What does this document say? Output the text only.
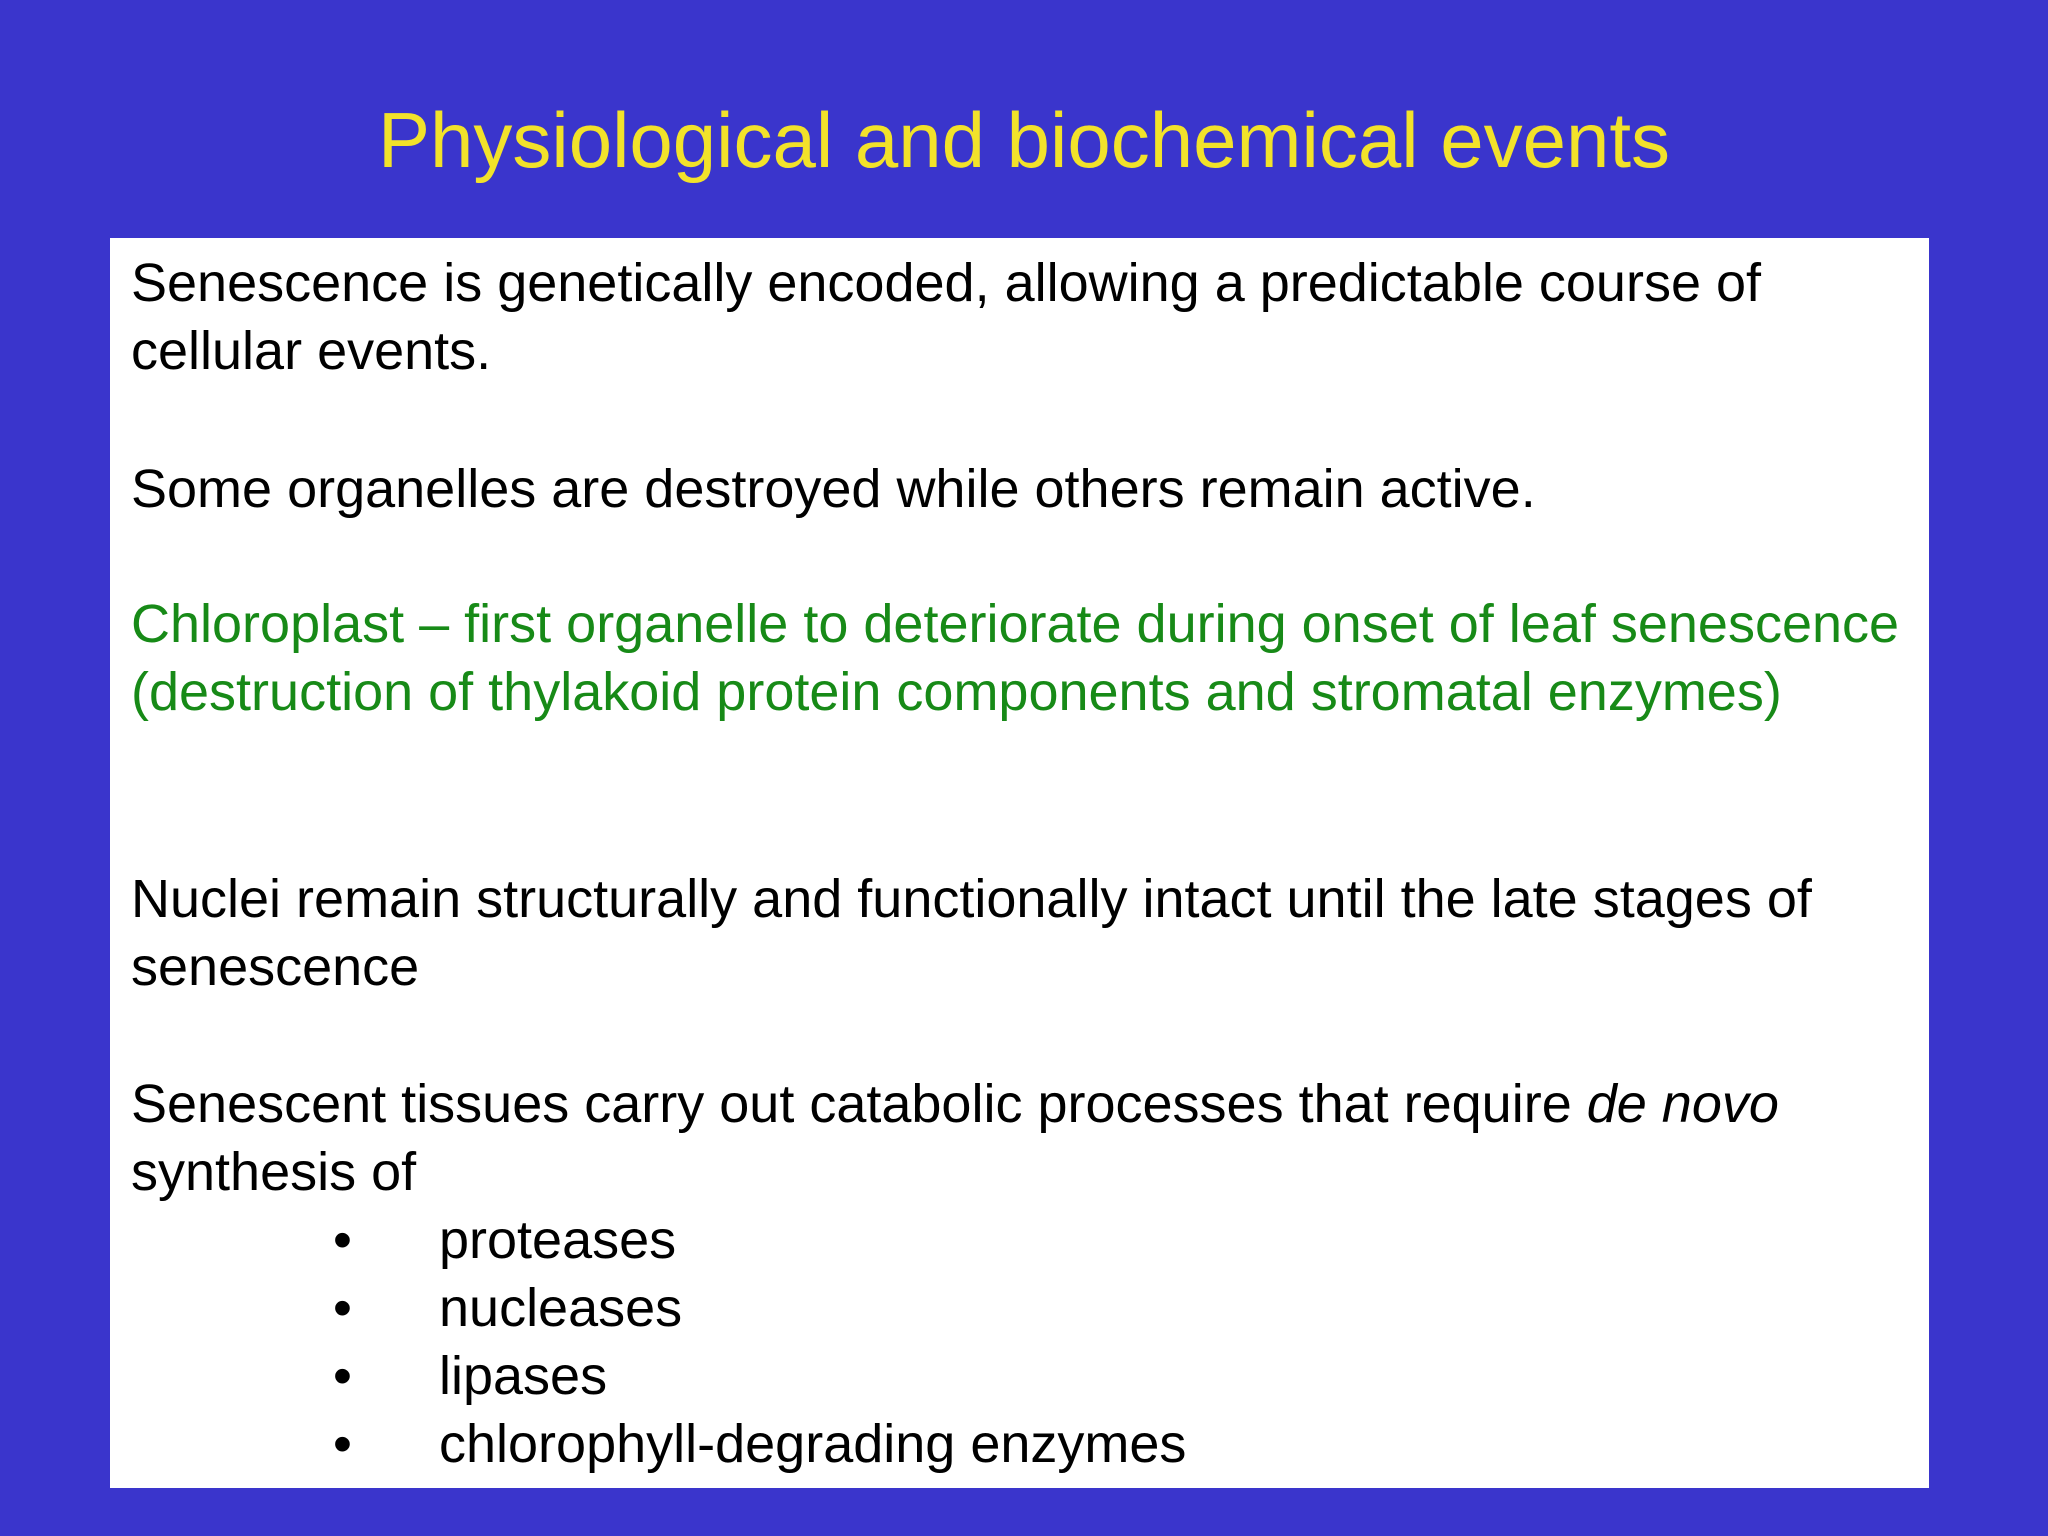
Physiological and biochemical events

Senescence is genetically encoded, allowing a predictable course of cellular events.

Some organelles are destroyed while others remain active.

Chloroplast – first organelle to deteriorate during onset of leaf senescence (destruction of thylakoid protein components and stromatal enzymes)

Nuclei remain structurally and functionally intact until the late stages of senescence

Senescent tissues carry out catabolic processes that require de novo synthesis of

• proteases
• nucleases
• lipases
• chlorophyll-degrading enzymes
